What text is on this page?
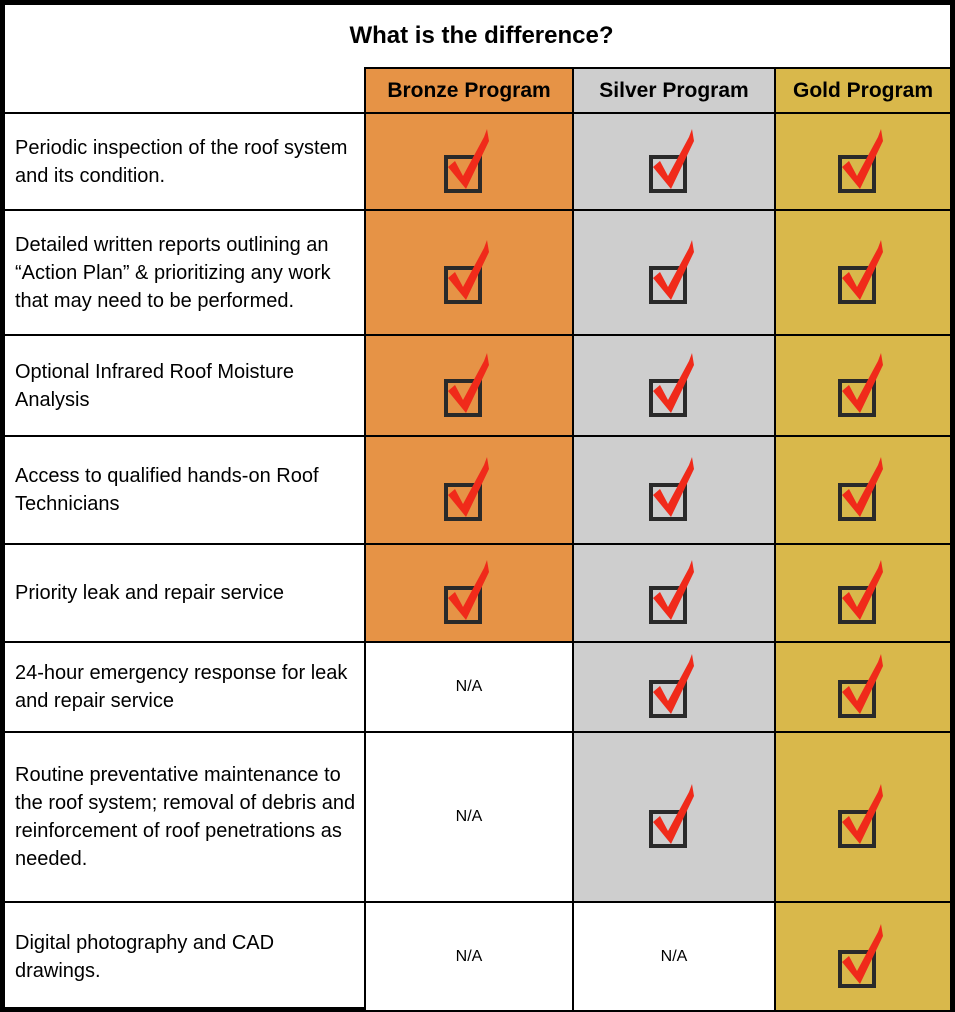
What is the difference?
	Bronze Program	Silver Program	Gold Program
Periodic inspection of the roof system and its condition.	

Detailed written reports outlining an “Action Plan” & prioritizing any work that may need to be performed.	

Optional Infrared Roof Moisture Analysis	

Access to qualified hands-on Roof Technicians	

Priority leak and repair service	

24-hour emergency response for leak and repair service	N/A	

Routine preventative maintenance to the roof system; removal of debris and reinforcement of roof penetrations as needed.	N/A	

Digital photography and CAD drawings.	N/A	N/A	
